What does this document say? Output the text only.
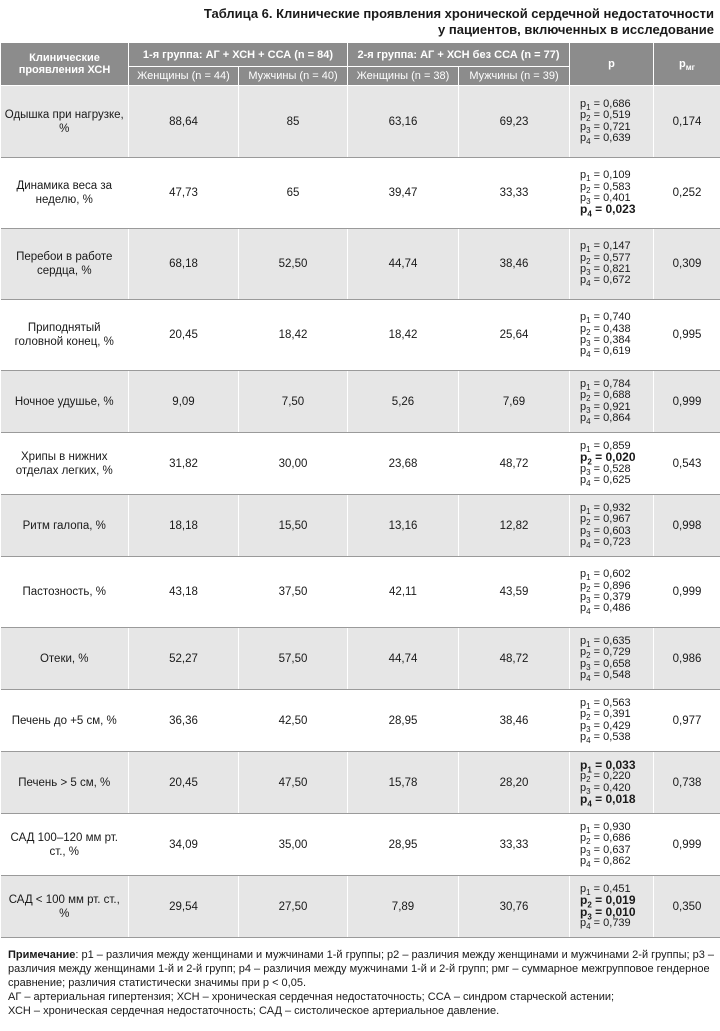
Таблица 6. Клинические проявления хронической сердечной недостаточности
у пациентов, включенных в исследование
Клинические проявления ХСН	1-я группа: АГ + ХСН + ССА (n = 84)		2-я группа: АГ + ХСН без ССА (n = 77)		p	$p_{мг}$
	Женщины (n = 44)	Мужчины (n = 40)	Женщины (n = 38)	Мужчины (n = 39)		
Одышка при нагрузке, %	88,64	85	63,16	69,23	$p_1 = 0,686$
$p_2 = 0,519$
$p_3 = 0,721$
$p_4 = 0,639$	0,174
Динамика веса за неделю, %	47,73	65	39,47	33,33	$p_1 = 0,109$
$p_2 = 0,583$
$p_3 = 0,401$
$p_4 = 0,023$	0,252
Перебои в работе сердца, %	68,18	52,50	44,74	38,46	$p_1 = 0,147$
$p_2 = 0,577$
$p_3 = 0,821$
$p_4 = 0,672$	0,309
Приподнятый головной конец, %	20,45	18,42	18,42	25,64	$p_1 = 0,740$
$p_2 = 0,438$
$p_3 = 0,384$
$p_4 = 0,619$	0,995
Ночное удушье, %	9,09	7,50	5,26	7,69	$p_1 = 0,784$
$p_2 = 0,688$
$p_3 = 0,921$
$p_4 = 0,864$	0,999
Хрипы в нижних отделах легких, %	31,82	30,00	23,68	48,72	$p_1 = 0,859$
$p_2 = 0,020$
$p_3 = 0,528$
$p_4 = 0,625$	0,543
Ритм галопа, %	18,18	15,50	13,16	12,82	$p_1 = 0,932$
$p_2 = 0,967$
$p_3 = 0,603$
$p_4 = 0,723$	0,998
Пастозность, %	43,18	37,50	42,11	43,59	$p_1 = 0,602$
$p_2 = 0,896$
$p_3 = 0,379$
$p_4 = 0,486$	0,999
Отеки, %	52,27	57,50	44,74	48,72	$p_1 = 0,635$
$p_2 = 0,729$
$p_3 = 0,658$
$p_4 = 0,548$	0,986
Печень до +5 см, %	36,36	42,50	28,95	38,46	$p_1 = 0,563$
$p_2 = 0,391$
$p_3 = 0,429$
$p_4 = 0,538$	0,977
Печень > 5 см, %	20,45	47,50	15,78	28,20	$p_1 = 0,033$
$p_2 = 0,220$
$p_3 = 0,420$
$p_4 = 0,018$	0,738
САД 100–120 мм рт. ст., %	34,09	35,00	28,95	33,33	$p_1 = 0,930$
$p_2 = 0,686$
$p_3 = 0,637$
$p_4 = 0,862$	0,999
САД < 100 мм рт. ст., %	29,54	27,50	7,89	30,76	$p_1 = 0,451$
$p_2 = 0,019$
$p_3 = 0,010$
$p_4 = 0,739$	0,350
Примечание: p1 – различия между женщинами и мужчинами 1-й группы; p2 – различия между женщинами и мужчинами 2-й группы; p3 – различия между женщинами 1-й и 2-й групп; p4 – различия между мужчинами 1-й и 2-й групп; pмг – суммарное межгрупповое гендерное сравнение; различия статистически значимы при p < 0,05.
АГ – артериальная гипертензия; ХСН – хроническая сердечная недостаточность; ССА – синдром старческой астении;
ХСН – хроническая сердечная недостаточность; САД – систолическое артериальное давление.
